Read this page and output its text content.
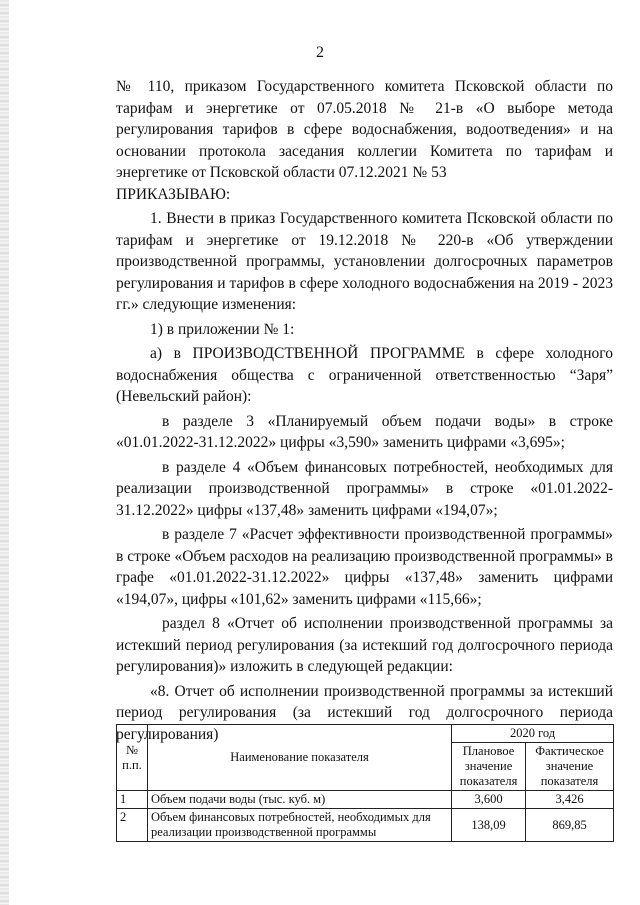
2

№ 110, приказом Государственного комитета Псковской области по тарифам и энергетике от 07.05.2018 № 21-в «О выборе метода регулирования тарифов в сфере водоснабжения, водоотведения» и на основании протокола заседания коллегии Комитета по тарифам и энергетике от Псковской области 07.12.2021 № 53

ПРИКАЗЫВАЮ:

1. Внести в приказ Государственного комитета Псковской области по тарифам и энергетике от 19.12.2018 № 220-в «Об утверждении производственной программы, установлении долгосрочных параметров регулирования и тарифов в сфере холодного водоснабжения на 2019 - 2023 гг.» следующие изменения:

1) в приложении № 1:

а) в ПРОИЗВОДСТВЕННОЙ ПРОГРАММЕ в сфере холодного водоснабжения общества с ограниченной ответственностью “Заря” (Невельский район):

в разделе 3 «Планируемый объем подачи воды» в строке «01.01.2022-31.12.2022» цифры «3,590» заменить цифрами «3,695»;

в разделе 4 «Объем финансовых потребностей, необходимых для реализации производственной программы» в строке «01.01.2022-31.12.2022» цифры «137,48» заменить цифрами «194,07»;

в разделе 7 «Расчет эффективности производственной программы» в строке «Объем расходов на реализацию производственной программы» в графе «01.01.2022-31.12.2022» цифры «137,48» заменить цифрами «194,07», цифры «101,62» заменить цифрами «115,66»;

раздел 8 «Отчет об исполнении производственной программы за истекший период регулирования (за истекший год долгосрочного периода регулирования)» изложить в следующей редакции:

«8. Отчет об исполнении производственной программы за истекший период регулирования (за истекший год долгосрочного периода регулирования)

№ п.п.	Наименование показателя	2020 год	
		Плановое значение показателя	Фактическое значение показателя
1	Объем подачи воды (тыс. куб. м)	3,600	3,426
2	Объем финансовых потребностей, необходимых для реализации производственной программы	138,09	869,85
